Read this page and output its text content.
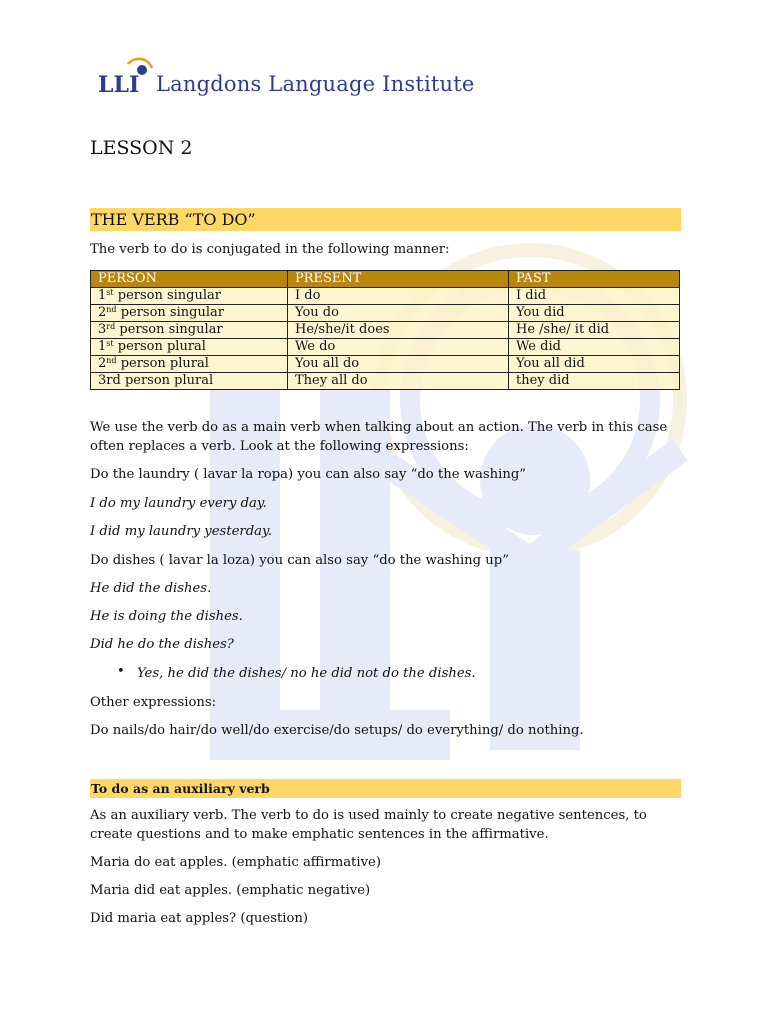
LLI Langdons Language Institute
LESSON 2
THE VERB “TO DO”
The verb to do is conjugated in the following manner:
PERSON	PRESENT	PAST
1st person singular	I do	I did
2nd person singular	You do	You did
3rd person singular	He/she/it does	He /she/ it did
1st person plural	We do	We did
2nd person plural	You all do	You all did
3rd person plural	They all do	they did
We use the verb do as a main verb when talking about an action. The verb in this case
often replaces a verb. Look at the following expressions:
Do the laundry ( lavar la ropa) you can also say “do the washing”
I do my laundry every day.
I did my laundry yesterday.
Do dishes ( lavar la loza) you can also say “do the washing up”
He did the dishes.
He is doing the dishes.
Did he do the dishes?
• Yes, he did the dishes/ no he did not do the dishes.
Other expressions:
Do nails/do hair/do well/do exercise/do setups/ do everything/ do nothing.
To do as an auxiliary verb
As an auxiliary verb. The verb to do is used mainly to create negative sentences, to
create questions and to make emphatic sentences in the affirmative.
Maria do eat apples. (emphatic affirmative)
Maria did eat apples. (emphatic negative)
Did maria eat apples? (question)
